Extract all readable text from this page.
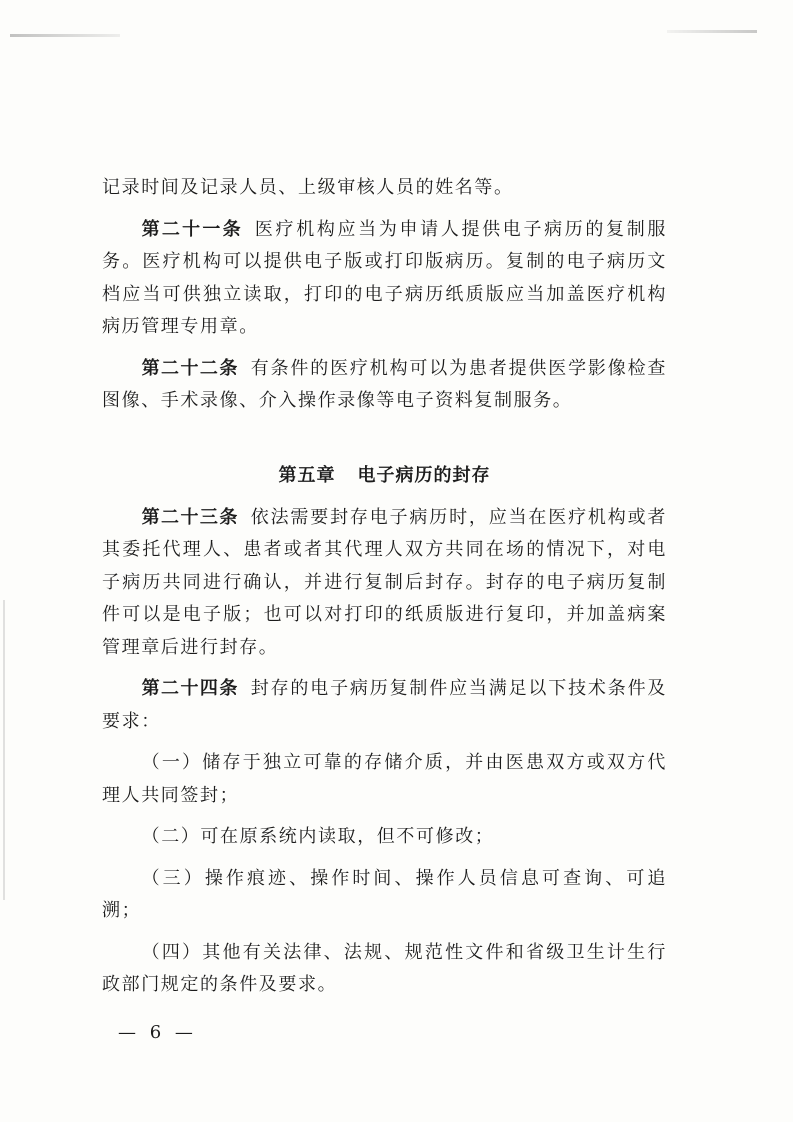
记录时间及记录人员、上级审核人员的姓名等。

第二十一条 医疗机构应当为申请人提供电子病历的复制服务。医疗机构可以提供电子版或打印版病历。复制的电子病历文档应当可供独立读取，打印的电子病历纸质版应当加盖医疗机构病历管理专用章。

第二十二条 有条件的医疗机构可以为患者提供医学影像检查图像、手术录像、介入操作录像等电子资料复制服务。

第五章 电子病历的封存

第二十三条 依法需要封存电子病历时，应当在医疗机构或者其委托代理人、患者或者其代理人双方共同在场的情况下，对电子病历共同进行确认，并进行复制后封存。封存的电子病历复制件可以是电子版；也可以对打印的纸质版进行复印，并加盖病案管理章后进行封存。

第二十四条 封存的电子病历复制件应当满足以下技术条件及要求：

（一）储存于独立可靠的存储介质，并由医患双方或双方代理人共同签封；

（二）可在原系统内读取，但不可修改；

（三）操作痕迹、操作时间、操作人员信息可查询、可追溯；

（四）其他有关法律、法规、规范性文件和省级卫生计生行政部门规定的条件及要求。

— 6 —
